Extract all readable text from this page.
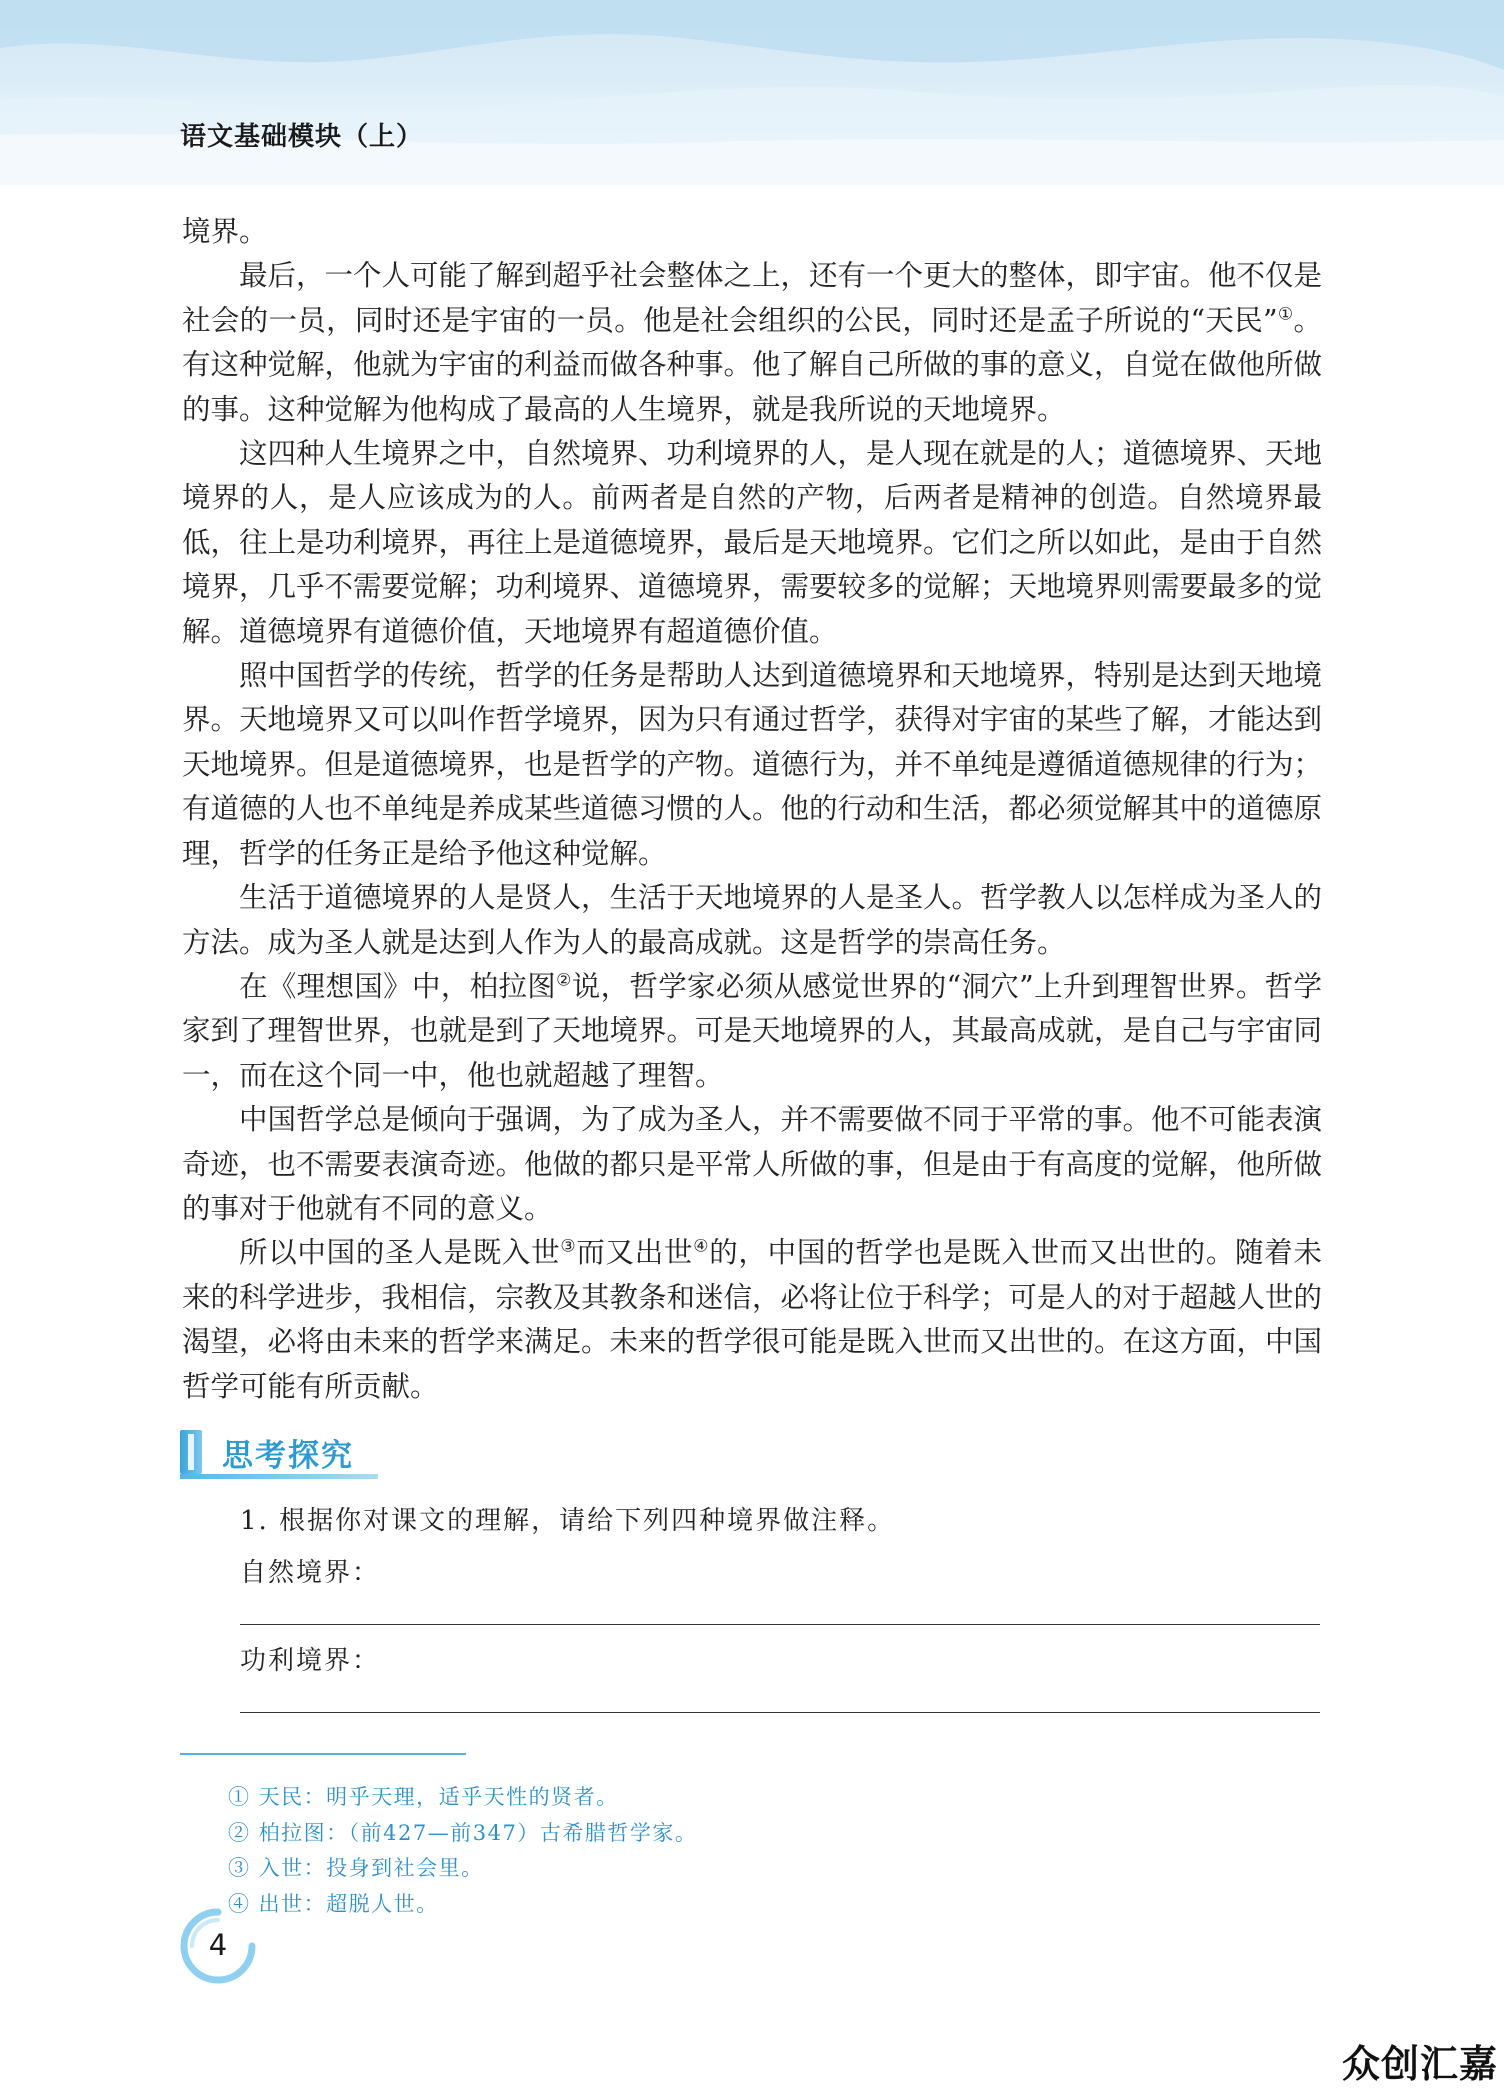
语文基础模块（上）

境界。

最后，一个人可能了解到超乎社会整体之上，还有一个更大的整体，即宇宙。他不仅是社会的一员，同时还是宇宙的一员。他是社会组织的公民，同时还是孟子所说的“天民”①。有这种觉解，他就为宇宙的利益而做各种事。他了解自己所做的事的意义，自觉在做他所做的事。这种觉解为他构成了最高的人生境界，就是我所说的天地境界。

这四种人生境界之中，自然境界、功利境界的人，是人现在就是的人；道德境界、天地境界的人，是人应该成为的人。前两者是自然的产物，后两者是精神的创造。自然境界最低，往上是功利境界，再往上是道德境界，最后是天地境界。它们之所以如此，是由于自然境界，几乎不需要觉解；功利境界、道德境界，需要较多的觉解；天地境界则需要最多的觉解。道德境界有道德价值，天地境界有超道德价值。

照中国哲学的传统，哲学的任务是帮助人达到道德境界和天地境界，特别是达到天地境界。天地境界又可以叫作哲学境界，因为只有通过哲学，获得对宇宙的某些了解，才能达到天地境界。但是道德境界，也是哲学的产物。道德行为，并不单纯是遵循道德规律的行为；有道德的人也不单纯是养成某些道德习惯的人。他的行动和生活，都必须觉解其中的道德原理，哲学的任务正是给予他这种觉解。

生活于道德境界的人是贤人，生活于天地境界的人是圣人。哲学教人以怎样成为圣人的方法。成为圣人就是达到人作为人的最高成就。这是哲学的崇高任务。

在《理想国》中，柏拉图②说，哲学家必须从感觉世界的“洞穴”上升到理智世界。哲学家到了理智世界，也就是到了天地境界。可是天地境界的人，其最高成就，是自己与宇宙同一，而在这个同一中，他也就超越了理智。

中国哲学总是倾向于强调，为了成为圣人，并不需要做不同于平常的事。他不可能表演奇迹，也不需要表演奇迹。他做的都只是平常人所做的事，但是由于有高度的觉解，他所做的事对于他就有不同的意义。

所以中国的圣人是既入世③而又出世④的，中国的哲学也是既入世而又出世的。随着未来的科学进步，我相信，宗教及其教条和迷信，必将让位于科学；可是人的对于超越人世的渴望，必将由未来的哲学来满足。未来的哲学很可能是既入世而又出世的。在这方面，中国哲学可能有所贡献。

思考探究
1. 根据你对课文的理解，请给下列四种境界做注释。
自然境界：
功利境界：
① 天民：明乎天理，适乎天性的贤者。
② 柏拉图：（前427—前347）古希腊哲学家。
③ 入世：投身到社会里。
④ 出世：超脱人世。
4
众创汇嘉
